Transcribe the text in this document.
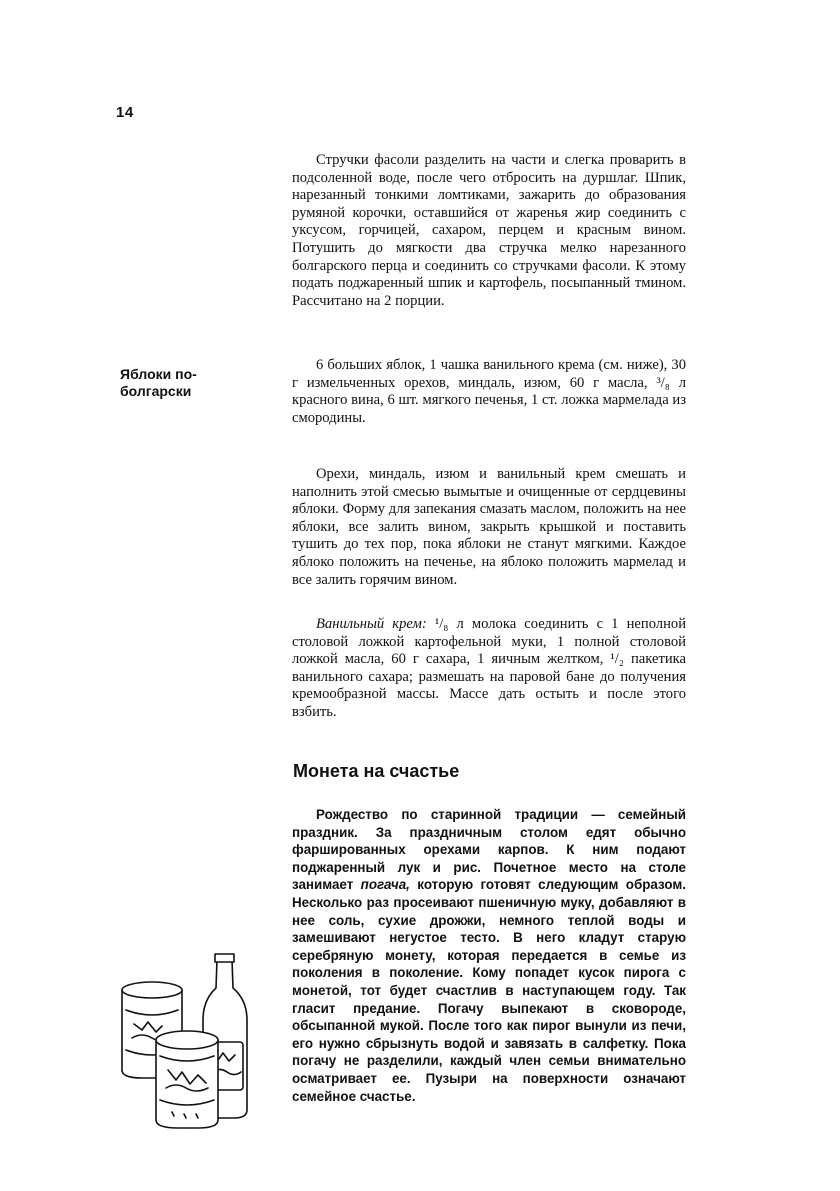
14

Стручки фасоли разделить на части и слегка проварить в подсоленной воде, после чего отбросить на дуршлаг. Шпик, нарезанный тонкими ломтиками, зажарить до образования румяной корочки, оставшийся от жаренья жир соединить с уксусом, горчицей, сахаром, перцем и красным вином. Потушить до мягкости два стручка мелко нарезанного болгарского перца и соединить со стручками фасоли. К этому подать поджаренный шпик и картофель, посыпанный тмином. Рассчитано на 2 порции.

Яблоки по-болгарски

6 больших яблок, 1 чашка ванильного крема (см. ниже), 30 г измельченных орехов, миндаль, изюм, 60 г масла, ³/₈ л красного вина, 6 шт. мягкого печенья, 1 ст. ложка мармелада из смородины.

Орехи, миндаль, изюм и ванильный крем смешать и наполнить этой смесью вымытые и очищенные от сердцевины яблоки. Форму для запекания смазать маслом, положить на нее яблоки, все залить вином, закрыть крышкой и поставить тушить до тех пор, пока яблоки не станут мягкими. Каждое яблоко положить на печенье, на яблоко положить мармелад и все залить горячим вином.

Ванильный крем: ¹/₈ л молока соединить с 1 неполной столовой ложкой картофельной муки, 1 полной столовой ложкой масла, 60 г сахара, 1 яичным желтком, ¹/₂ пакетика ванильного сахара; размешать на паровой бане до получения кремообразной массы. Массе дать остыть и после этого взбить.

Монета на счастье

Рождество по старинной традиции — семейный праздник. За праздничным столом едят обычно фаршированных орехами карпов. К ним подают поджаренный лук и рис. Почетное место на столе занимает погача, которую готовят следующим образом. Несколько раз просеивают пшеничную муку, добавляют в нее соль, сухие дрожжи, немного теплой воды и замешивают негустое тесто. В него кладут старую серебряную монету, которая передается в семье из поколения в поколение. Кому попадет кусок пирога с монетой, тот будет счастлив в наступающем году. Так гласит предание. Погачу выпекают в сковороде, обсыпанной мукой. После того как пирог вынули из печи, его нужно сбрызнуть водой и завязать в салфетку. Пока погачу не разделили, каждый член семьи внимательно осматривает ее. Пузыри на поверхности означают семейное счастье.
